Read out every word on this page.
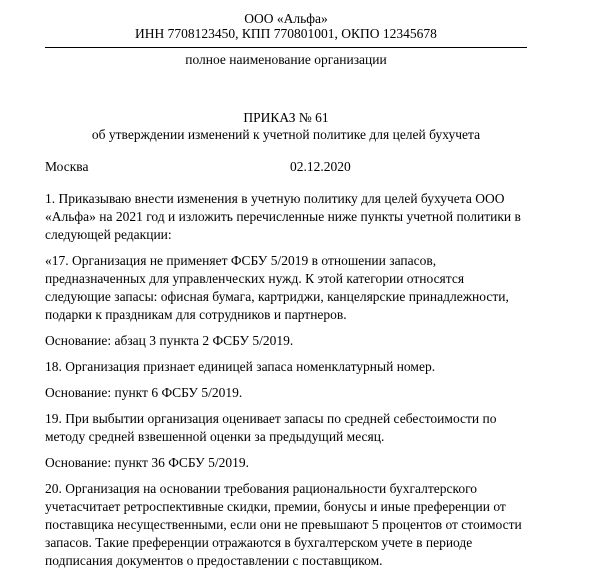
ООО «Альфа»
ИНН 7708123450, КПП 770801001, ОКПО 12345678
полное наименование организации
ПРИКАЗ № 61
об утверждении изменений к учетной политике для целей бухучета
Москва	02.12.2020

1. Приказываю внести изменения в учетную политику для целей бухучета ООО «Альфа» на 2021 год и изложить перечисленные ниже пункты учетной политики в следующей редакции:

«17. Организация не применяет ФСБУ 5/2019 в отношении запасов, предназначенных для управленческих нужд. К этой категории относятся следующие запасы: офисная бумага, картриджи, канцелярские принадлежности, подарки к праздникам для сотрудников и партнеров.

Основание: абзац 3 пункта 2 ФСБУ 5/2019.

18. Организация признает единицей запаса номенклатурный номер.

Основание: пункт 6 ФСБУ 5/2019.

19. При выбытии организация оценивает запасы по средней себестоимости по методу средней взвешенной оценки за предыдущий месяц.

Основание: пункт 36 ФСБУ 5/2019.

20. Организация на основании требования рациональности бухгалтерского учетасчитает ретроспективные скидки, премии, бонусы и иные преференции от поставщика несущественными, если они не превышают 5 процентов от стоимости запасов. Такие преференции отражаются в бухгалтерском учете в периоде подписания документов о предоставлении с поставщиком.
